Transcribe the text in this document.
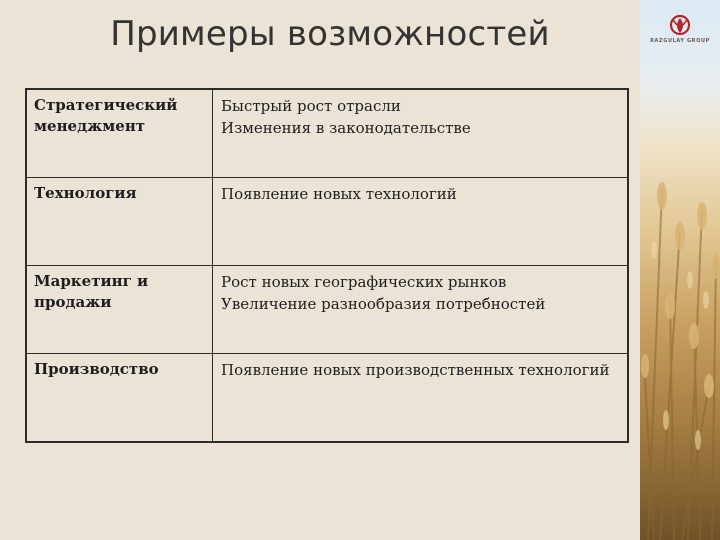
RAZGULAY GROUP
Примеры возможностей
Стратегический менеджмент
Быстрый рост отрасли
Изменения в законодательстве
Технология	Появление новых технологий
Маркетинг и продажи
Рост новых географических рынков
Увеличение разнообразия потребностей
Производство	Появление новых производственных технологий
